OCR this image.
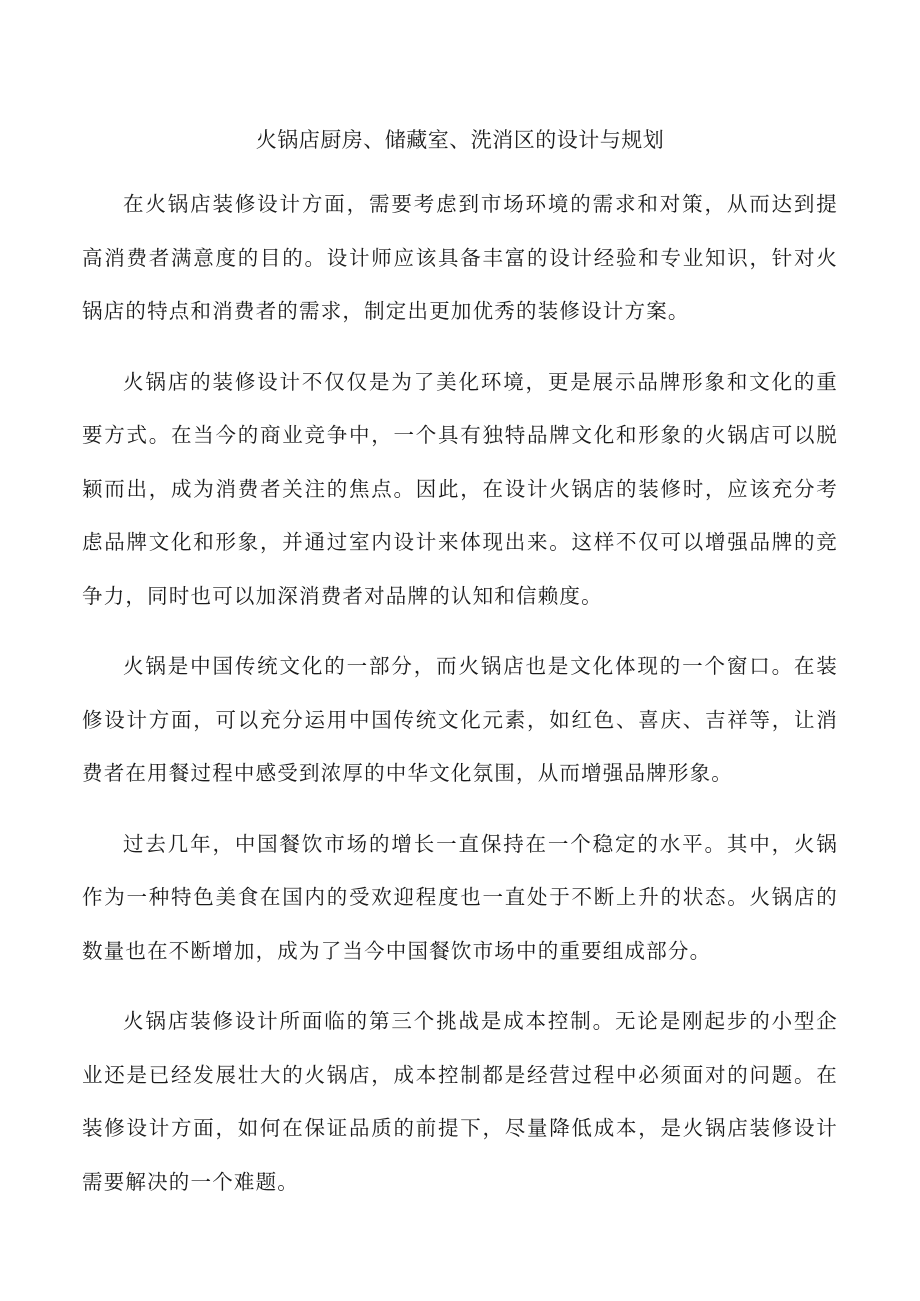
火锅店厨房、储藏室、洗消区的设计与规划

在火锅店装修设计方面，需要考虑到市场环境的需求和对策，从而达到提高消费者满意度的目的。设计师应该具备丰富的设计经验和专业知识，针对火锅店的特点和消费者的需求，制定出更加优秀的装修设计方案。

火锅店的装修设计不仅仅是为了美化环境，更是展示品牌形象和文化的重要方式。在当今的商业竞争中，一个具有独特品牌文化和形象的火锅店可以脱颖而出，成为消费者关注的焦点。因此，在设计火锅店的装修时，应该充分考虑品牌文化和形象，并通过室内设计来体现出来。这样不仅可以增强品牌的竞争力，同时也可以加深消费者对品牌的认知和信赖度。

火锅是中国传统文化的一部分，而火锅店也是文化体现的一个窗口。在装修设计方面，可以充分运用中国传统文化元素，如红色、喜庆、吉祥等，让消费者在用餐过程中感受到浓厚的中华文化氛围，从而增强品牌形象。

过去几年，中国餐饮市场的增长一直保持在一个稳定的水平。其中，火锅作为一种特色美食在国内的受欢迎程度也一直处于不断上升的状态。火锅店的数量也在不断增加，成为了当今中国餐饮市场中的重要组成部分。

火锅店装修设计所面临的第三个挑战是成本控制。无论是刚起步的小型企业还是已经发展壮大的火锅店，成本控制都是经营过程中必须面对的问题。在装修设计方面，如何在保证品质的前提下，尽量降低成本，是火锅店装修设计需要解决的一个难题。
